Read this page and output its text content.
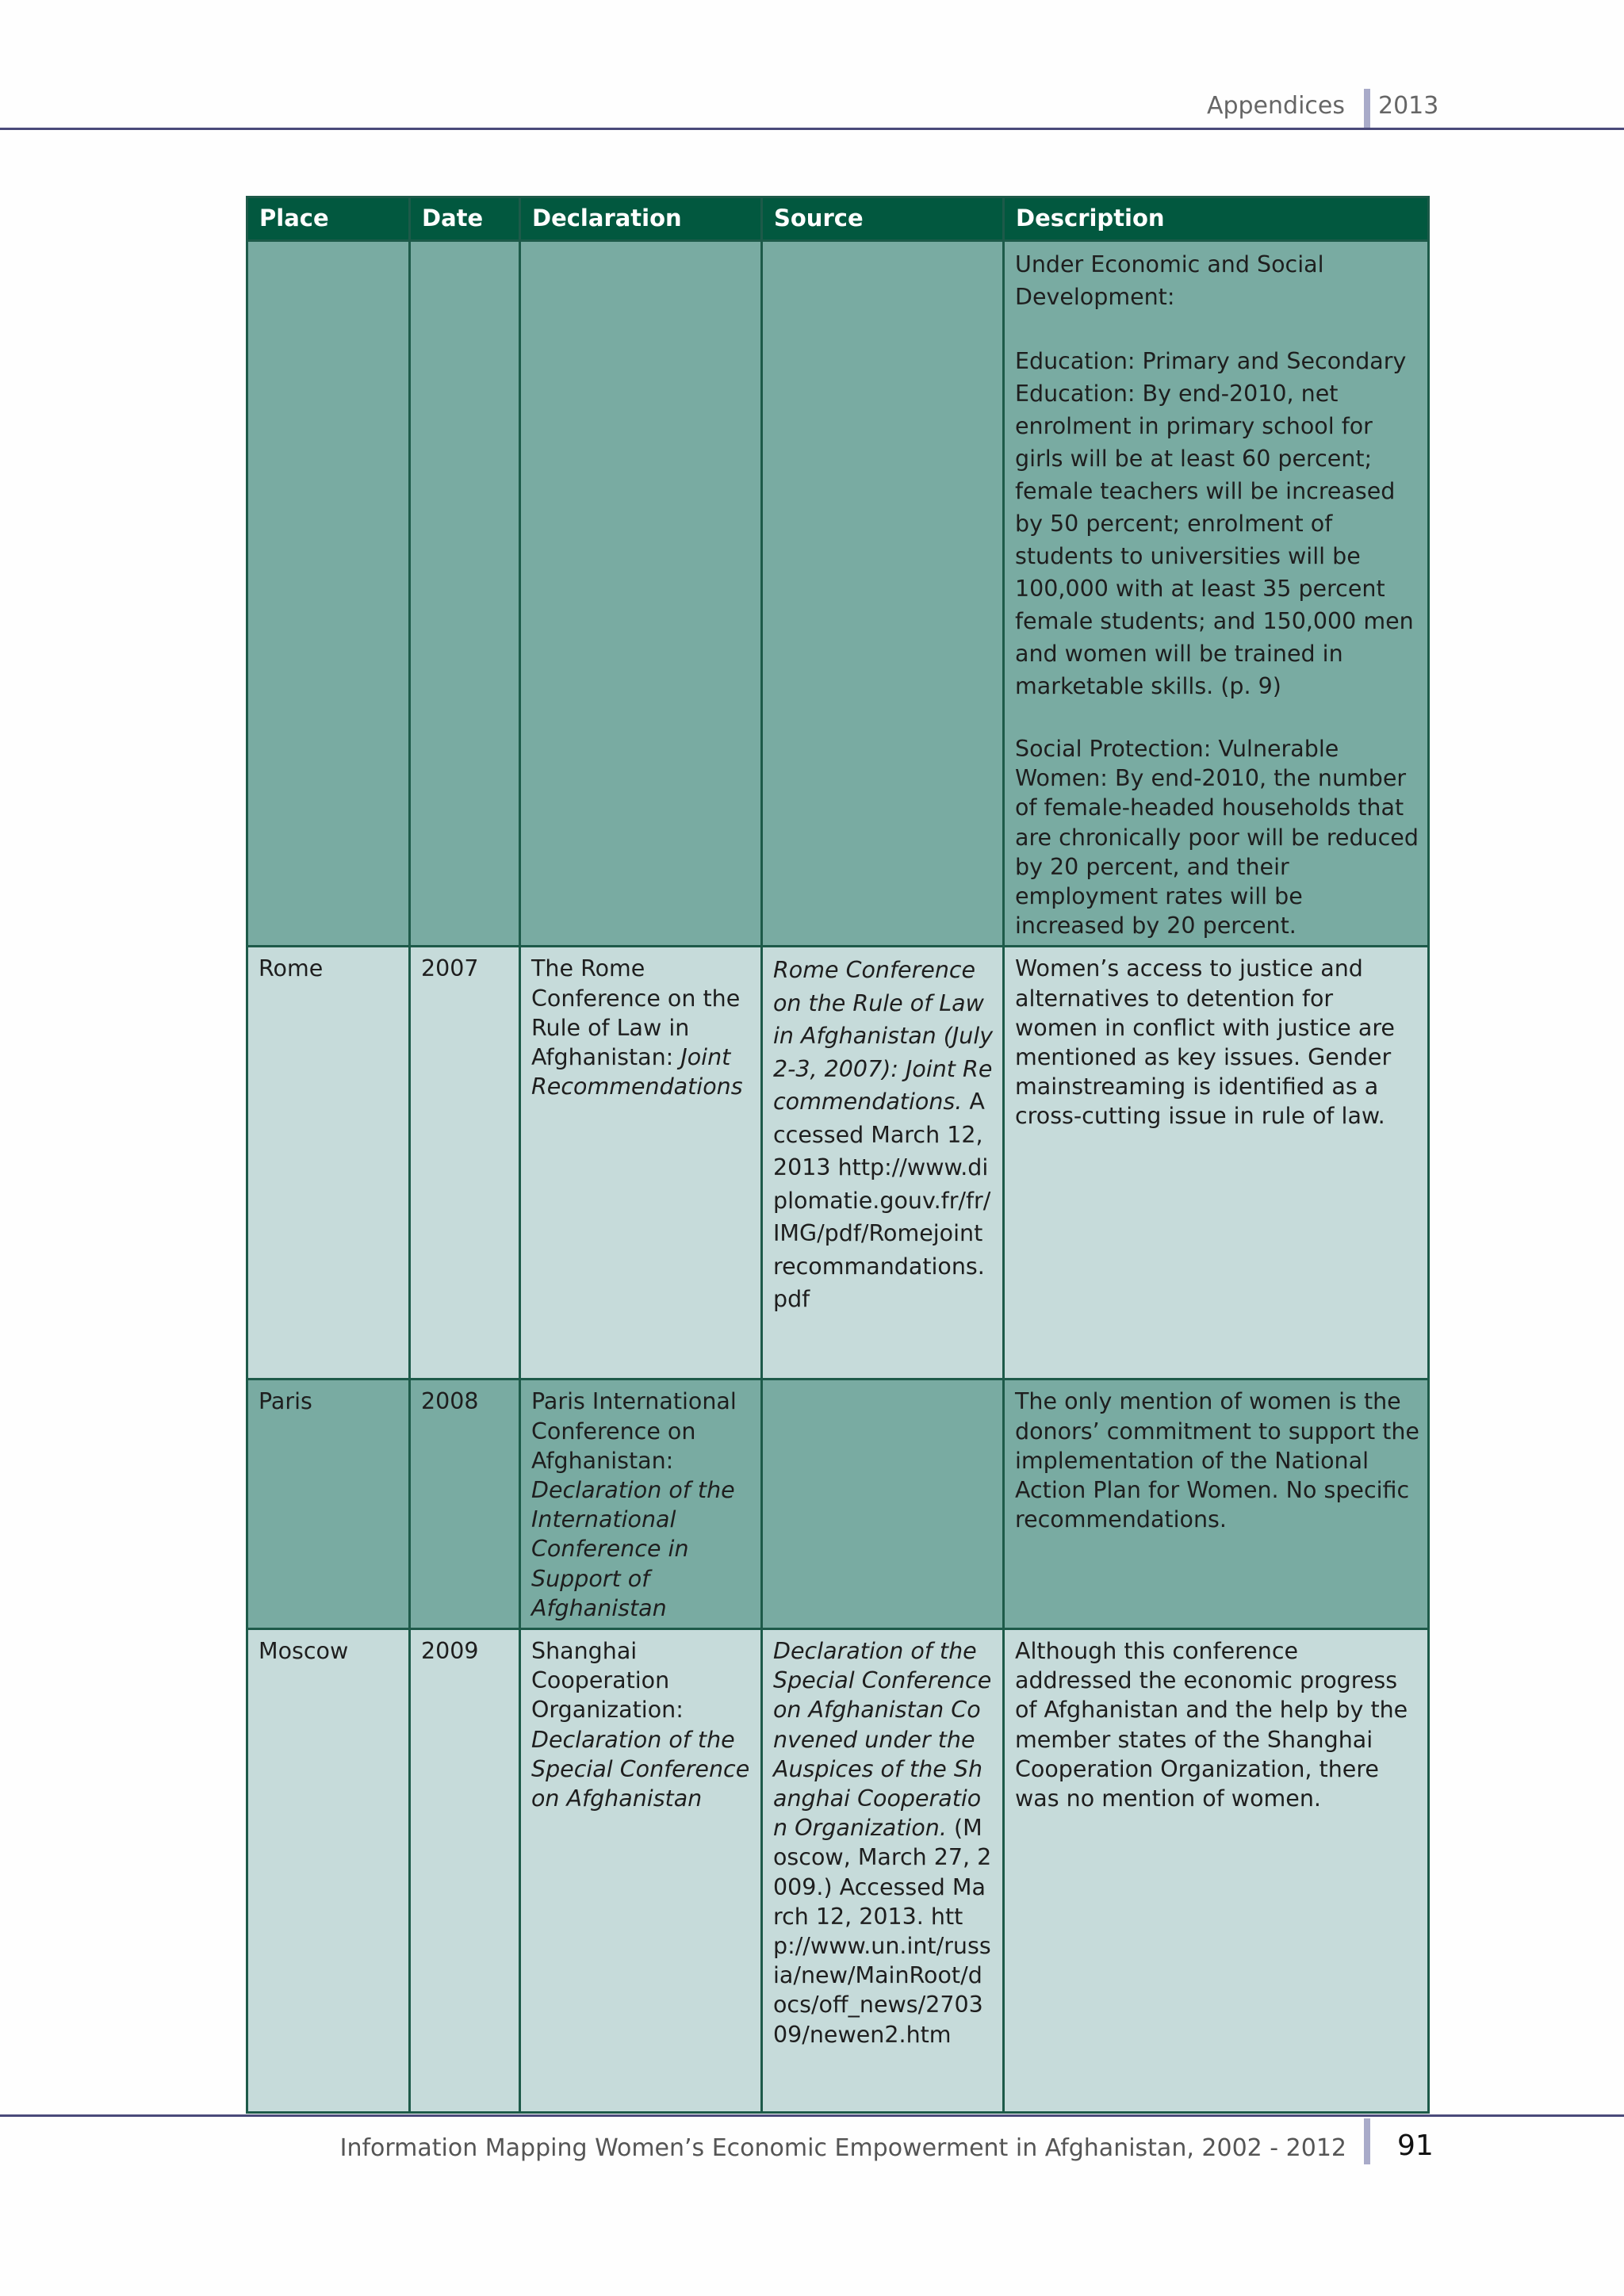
Appendices 2013
Place	Date	Declaration	Source	Description

				Under Economic and Social Development:
Education: Primary and Secondary Education: By end-2010, net enrolment in primary school for girls will be at least 60 percent; female teachers will be increased by 50 percent; enrolment of students to universities will be 100,000 with at least 35 percent female students; and 150,000 men and women will be trained in marketable skills. (p. 9)
Social Protection: Vulnerable Women: By end-2010, the number of female-headed households that are chronically poor will be reduced by 20 percent, and their employment rates will be increased by 20 percent.

Rome	2007	The Rome Conference on the Rule of Law in Afghanistan: Joint Recommendations	Rome Conference on the Rule of Law in Afghanistan (July 2-3, 2007): Joint Recommendations. Accessed March 12, 2013 http://www.diplomatie.gouv.fr/fr/IMG/pdf/Romejoint recommandations.pdf	Women’s access to justice and alternatives to detention for women in conflict with justice are mentioned as key issues. Gender mainstreaming is identified as a cross-cutting issue in rule of law.
Paris	2008	Paris International Conference on Afghanistan: Declaration of the International Conference in Support of Afghanistan		The only mention of women is the donors’ commitment to support the implementation of the National Action Plan for Women. No specific recommendations.
Moscow	2009	Shanghai Cooperation Organization: Declaration of the Special Conference on Afghanistan	Declaration of the Special Conference on Afghanistan Convened under the Auspices of the Shanghai Cooperation Organization. (Moscow, March 27, 2009.) Accessed March 12, 2013. http://www.un.int/russia/new/MainRoot/docs/off_news/270309/newen2.htm	Although this conference addressed the economic progress of Afghanistan and the help by the member states of the Shanghai Cooperation Organization, there was no mention of women.
Information Mapping Women’s Economic Empowerment in Afghanistan, 2002 - 2012 91
